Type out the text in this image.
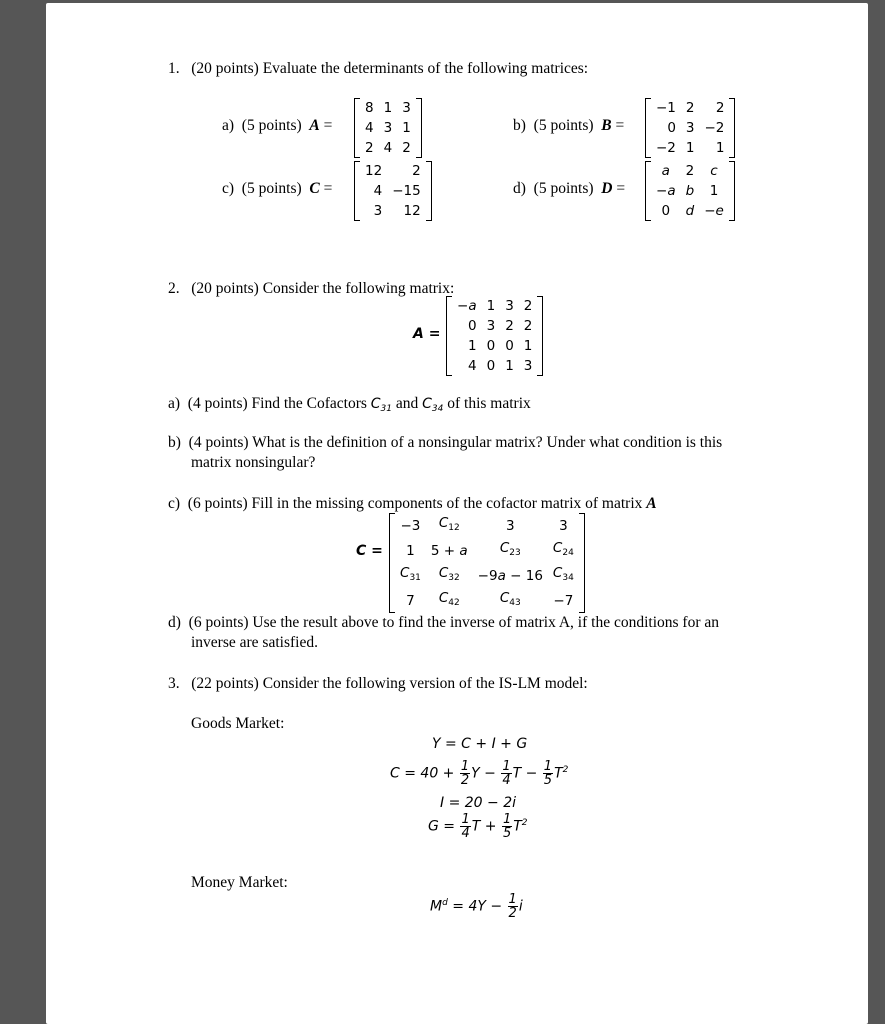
1. (20 points) Evaluate the determinants of the following matrices:
a) (5 points) A =
8	1	3
4	3	1
2	4	2
b) (5 points) B =
−1	2	2
0	3	−2
−2	1	1
c) (5 points) C =
12	2
4	−15
3	12
d) (5 points) D =
a	2	c
−a	b	1
0	d	−e
2. (20 points) Consider the following matrix:
A =
−a	1	3	2
0	3	2	2
1	0	0	1
4	0	1	3
a)  (4 points) Find the Cofactors $C_{31}$ and $C_{34}$ of this matrix
b) (4 points) What is the definition of a nonsingular matrix? Under what condition is this
matrix nonsingular?
c) (6 points) Fill in the missing components of the cofactor matrix of matrix A
C =
−3	$C_{12}$	3	3
1	5 + a	$C_{23}$	$C_{24}$
$C_{31}$	$C_{32}$	−9a − 16	$C_{34}$
7	$C_{42}$	$C_{43}$	−7
d) (6 points) Use the result above to find the inverse of matrix A, if the conditions for an
inverse are satisfied.
3. (22 points) Consider the following version of the IS-LM model:
Goods Market:
Y = C + I + G
$C = 40 + \frac{1}{2}$ $Y - \frac{1}{4}$ $T - \frac{1}{5} T^2$
I = 20 − 2i
$G = \frac{1}{4}$ $T + \frac{1}{5} T^2$
Money Market:
$M^d = 4Y - \frac{1}{2}$ i
